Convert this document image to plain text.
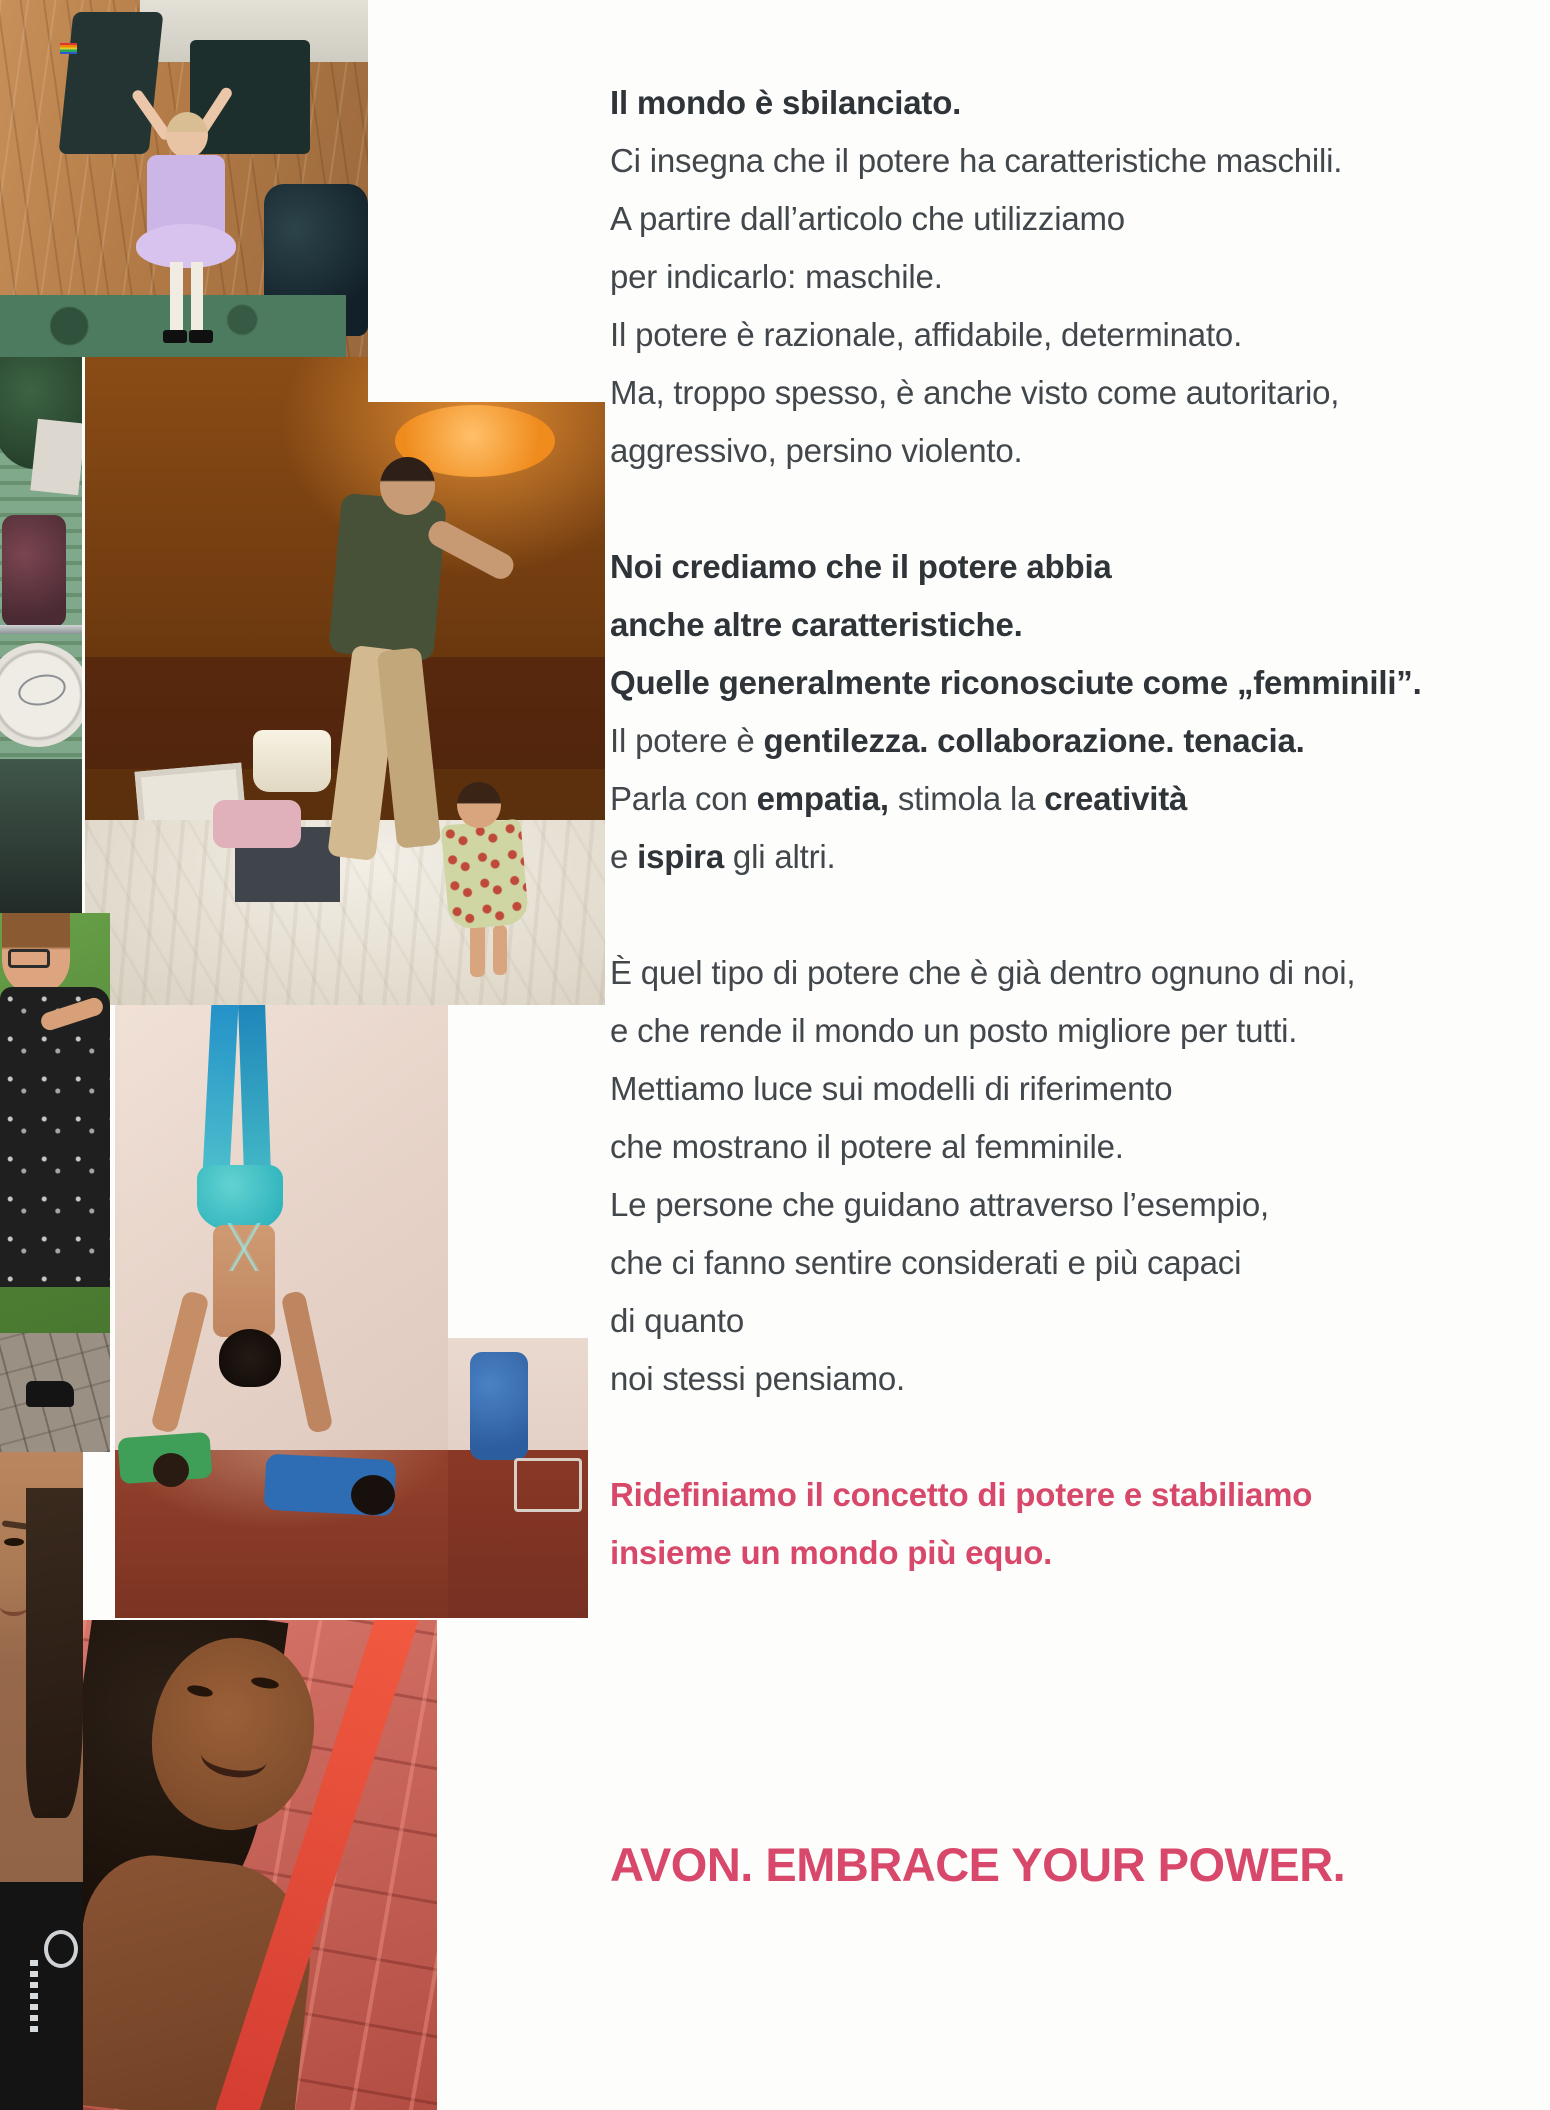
Il mondo è sbilanciato.
Ci insegna che il potere ha caratteristiche maschili.
A partire dall’articolo che utilizziamo
per indicarlo: maschile.
Il potere è razionale, affidabile, determinato.
Ma, troppo spesso, è anche visto come autoritario,
aggressivo, persino violento.
Noi crediamo che il potere abbia
anche altre caratteristiche.
Quelle generalmente riconosciute come „femminili”.
Il potere è gentilezza. collaborazione. tenacia.
Parla con empatia, stimola la creatività
e ispira gli altri.
È quel tipo di potere che è già dentro ognuno di noi,
e che rende il mondo un posto migliore per tutti.
Mettiamo luce sui modelli di riferimento
che mostrano il potere al femminile.
Le persone che guidano attraverso l’esempio,
che ci fanno sentire considerati e più capaci
di quanto
noi stessi pensiamo.
Ridefiniamo il concetto di potere e stabiliamo
insieme un mondo più equo.
AVON. EMBRACE YOUR POWER.
